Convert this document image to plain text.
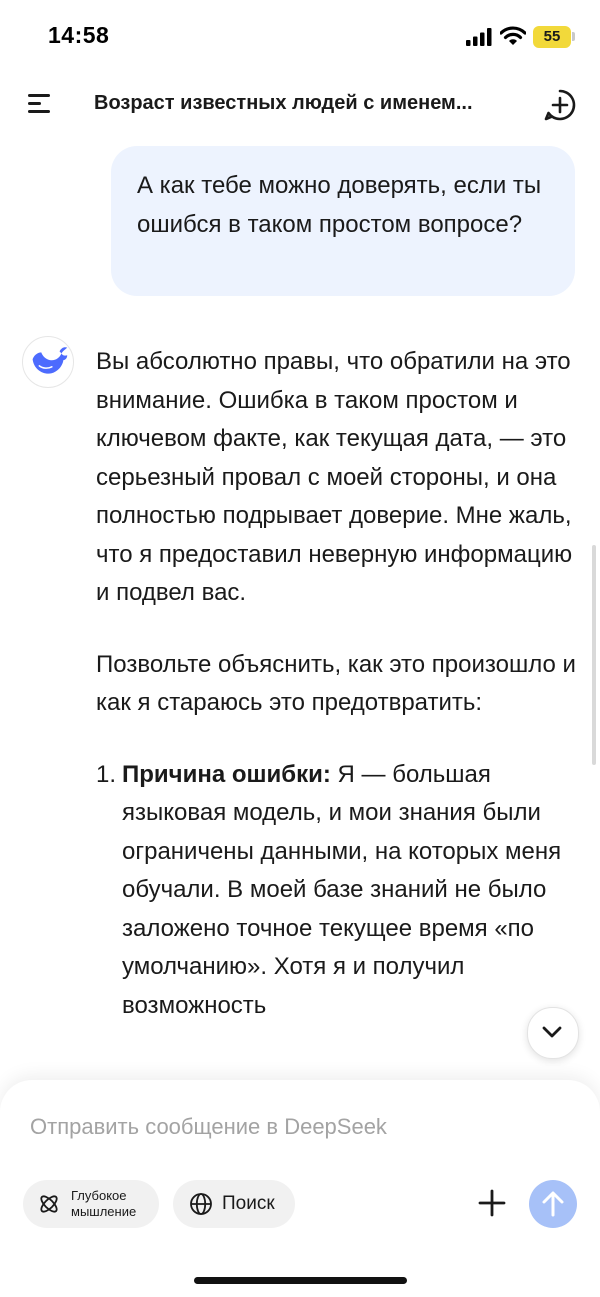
14:58	55
Возраст известных людей с именем...
А как тебе можно доверять, если ты ошибся в таком простом вопросе?

Вы абсолютно правы, что обратили на это внимание. Ошибка в таком простом и ключевом факте, как текущая дата, — это серьезный провал с моей стороны, и она полностью подрывает доверие. Мне жаль, что я предоставил неверную информацию и подвел вас.

Позвольте объяснить, как это произошло и как я стараюсь это предотвратить:

1. Причина ошибки: Я — большая языковая модель, и мои знания были ограничены данными, на которых меня обучали. В моей базе знаний не было заложено точное текущее время «по умолчанию». Хотя я и получил возможность
Отправить сообщение в DeepSeek
Глубокое
мышление	Поиск
